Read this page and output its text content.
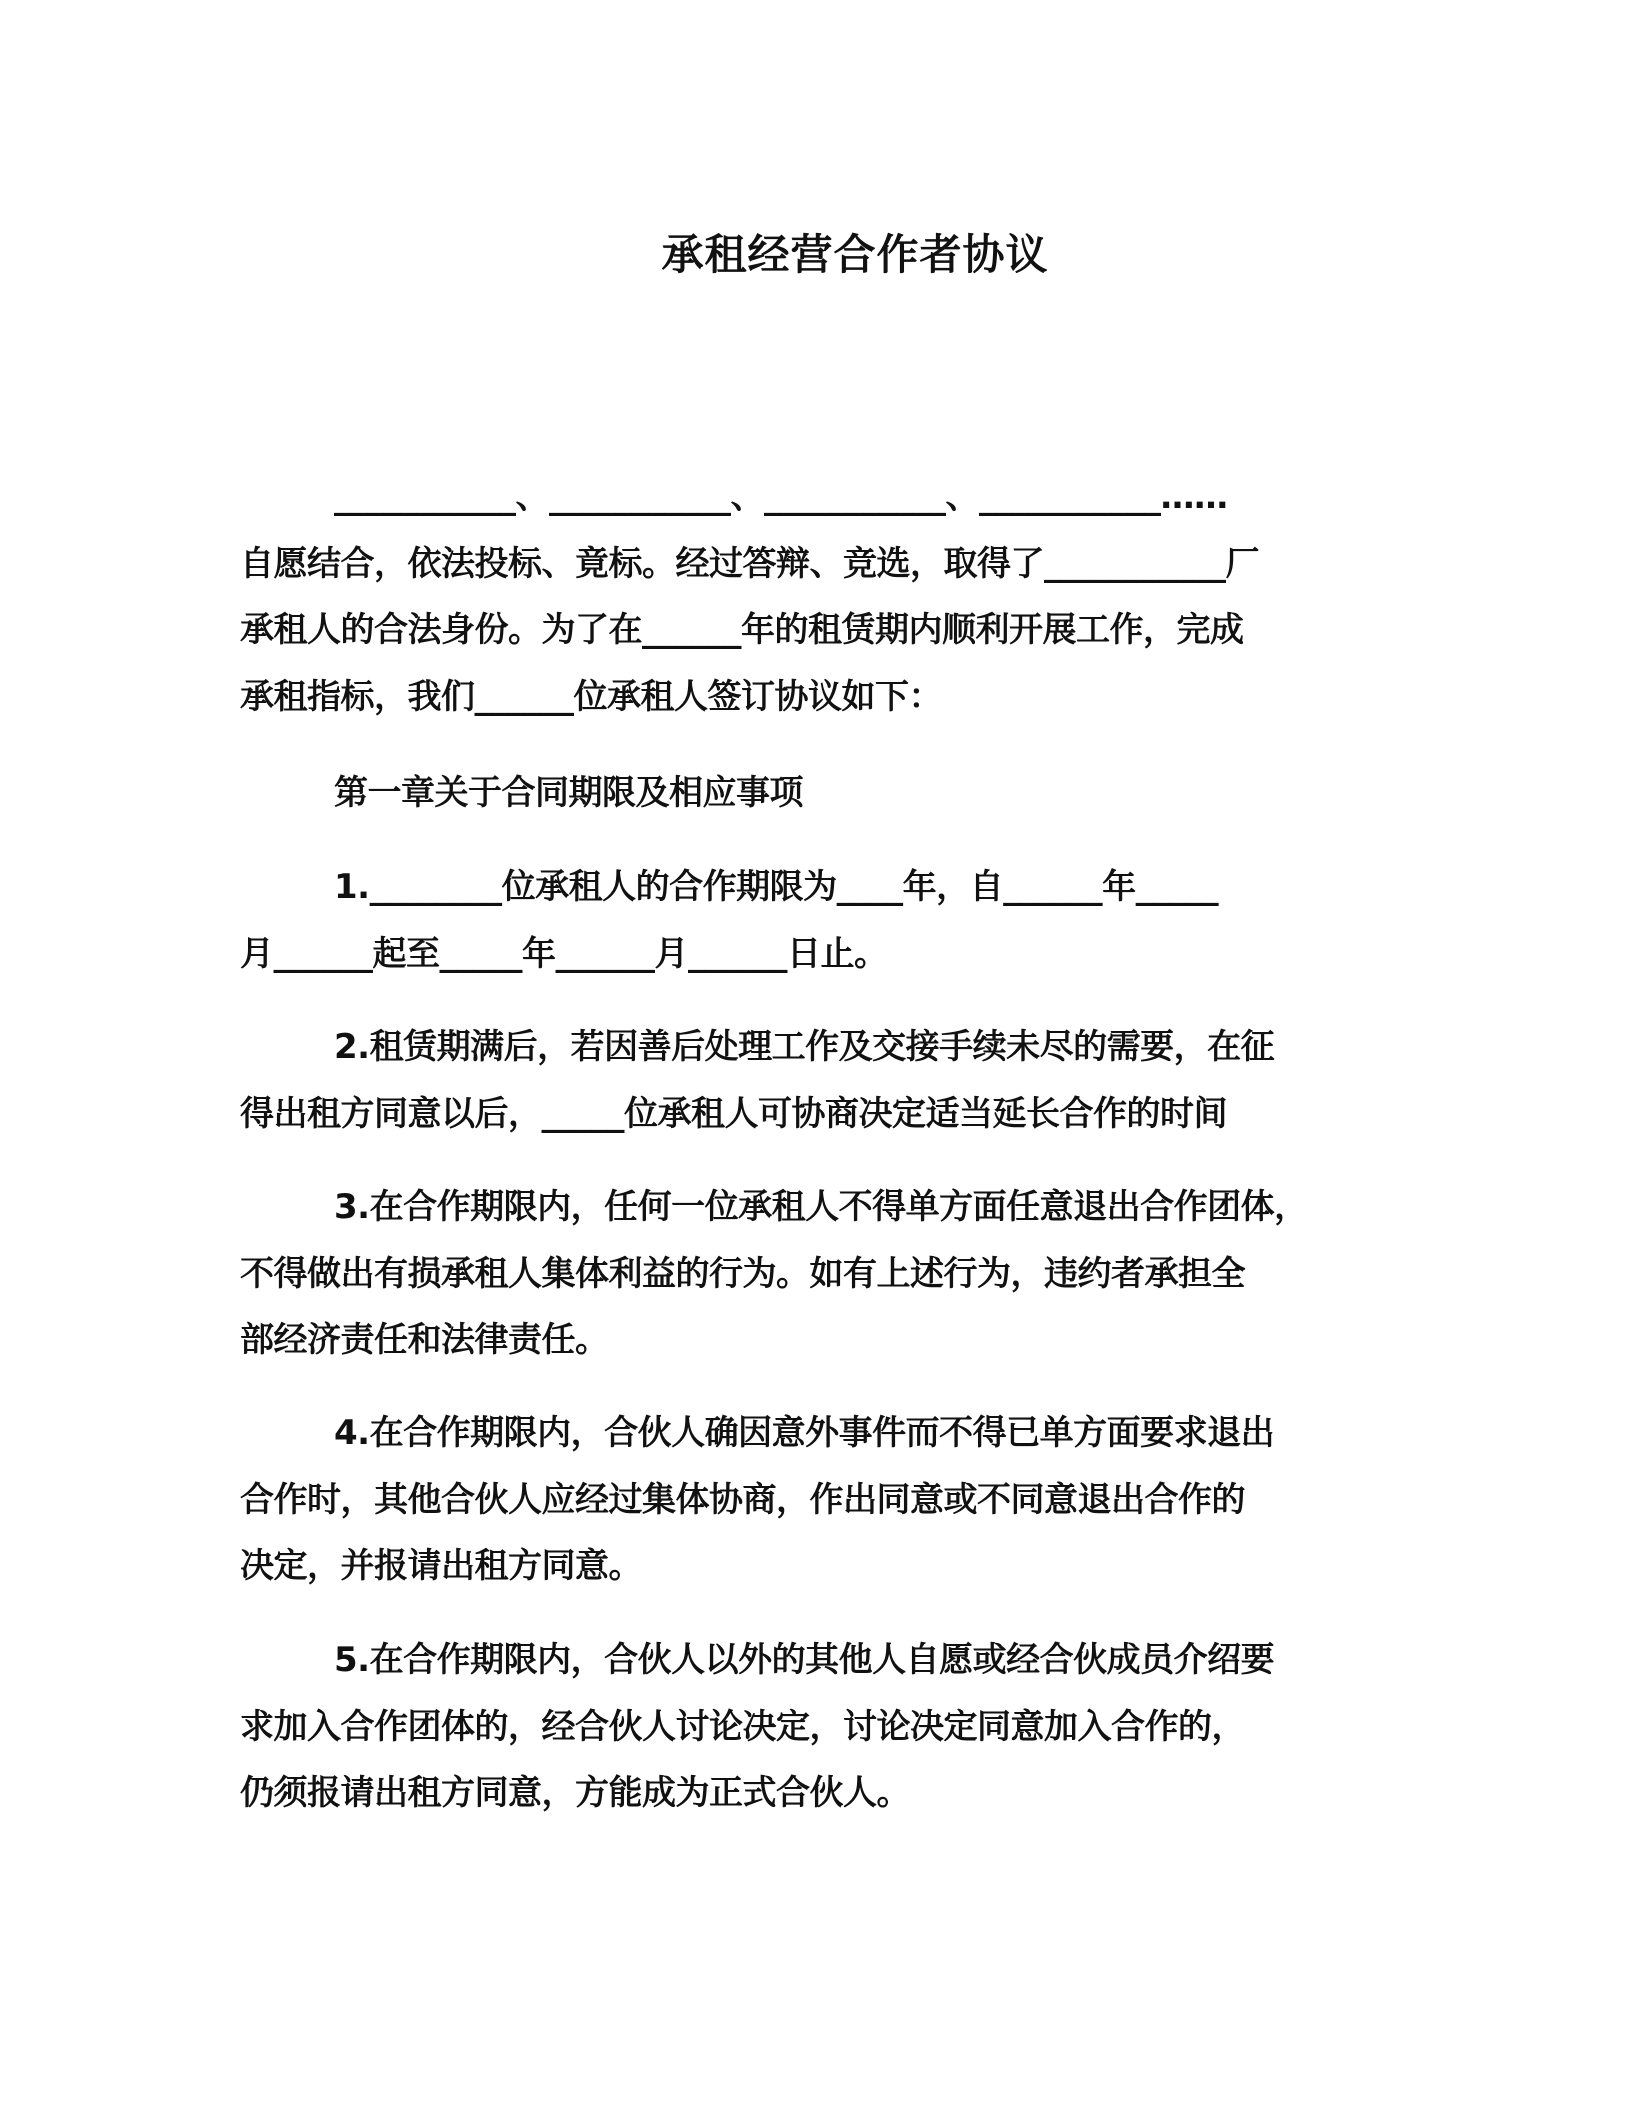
承租经营合作者协议
___________、___________、___________、___________……
自愿结合，依法投标、竟标。经过答辩、竞选，取得了___________厂
承租人的合法身份。为了在______年的租赁期内顺利开展工作，完成
承租指标，我们______位承租人签订协议如下：
第一章关于合同期限及相应事项
1.________位承租人的合作期限为____年，自______年_____
月______起至_____年______月______日止。
2.租赁期满后，若因善后处理工作及交接手续未尽的需要，在征
得出租方同意以后，_____位承租人可协商决定适当延长合作的时间
3.在合作期限内，任何一位承租人不得单方面任意退出合作团体，
不得做出有损承租人集体利益的行为。如有上述行为，违约者承担全
部经济责任和法律责任。
4.在合作期限内，合伙人确因意外事件而不得已单方面要求退出
合作时，其他合伙人应经过集体协商，作出同意或不同意退出合作的
决定，并报请出租方同意。
5.在合作期限内，合伙人以外的其他人自愿或经合伙成员介绍要
求加入合作团体的，经合伙人讨论决定，讨论决定同意加入合作的，
仍须报请出租方同意，方能成为正式合伙人。
